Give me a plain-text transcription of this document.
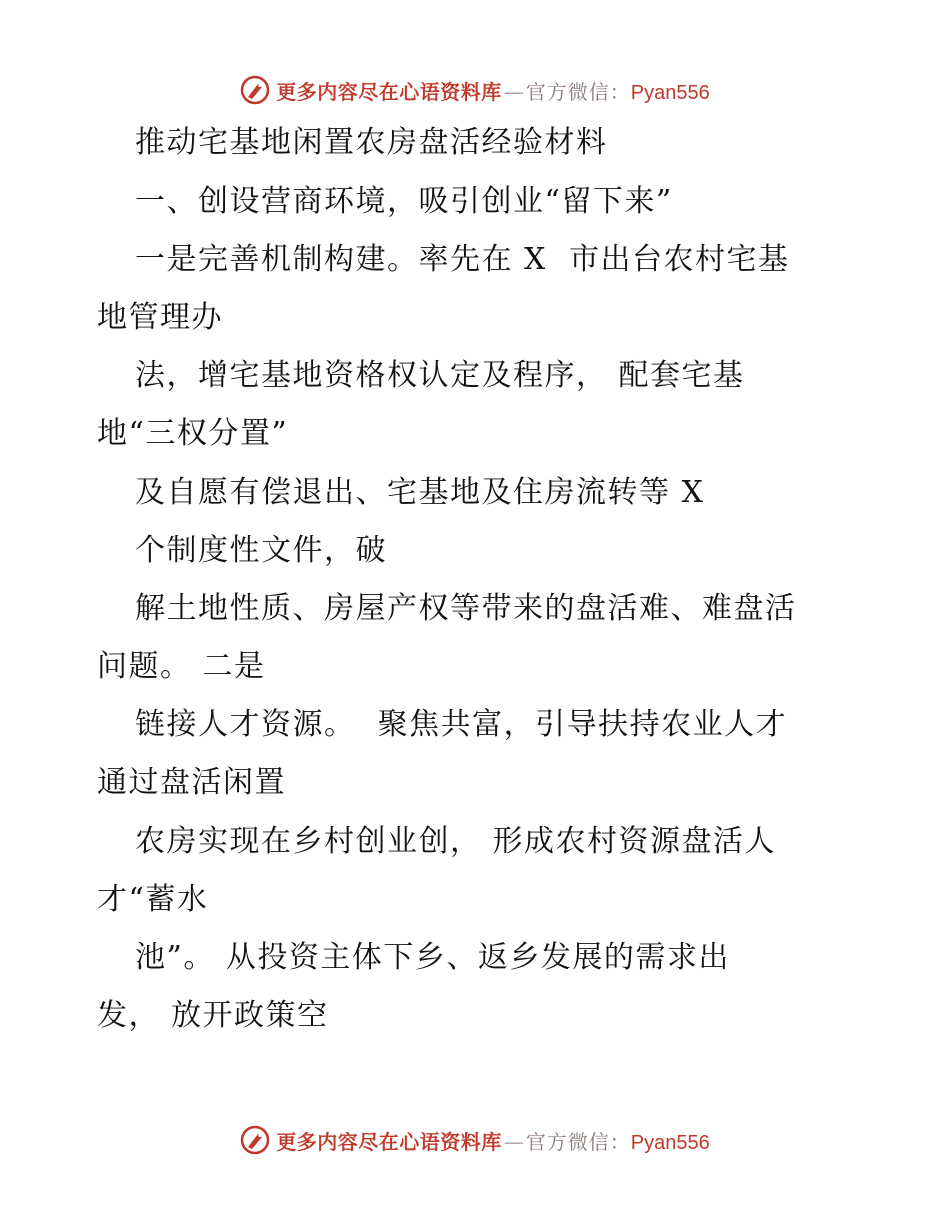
更多内容尽在心语资料库 — 官方微信： Pyan556
推动宅基地闲置农房盘活经验材料
一、创设营商环境，吸引创业“留下来”
一是完善机制构建。率先在 X  市出台农村宅基
地管理办
法，增宅基地资格权认定及程序， 配套宅基
地“三权分置”
及自愿有偿退出、宅基地及住房流转等 X
个制度性文件，破
解土地性质、房屋产权等带来的盘活难、难盘活
问题。 二是
链接人才资源。  聚焦共富，引导扶持农业人才
通过盘活闲置
农房实现在乡村创业创， 形成农村资源盘活人
才“蓄水
池”。 从投资主体下乡、返乡发展的需求出
发， 放开政策空
更多内容尽在心语资料库 — 官方微信： Pyan556
